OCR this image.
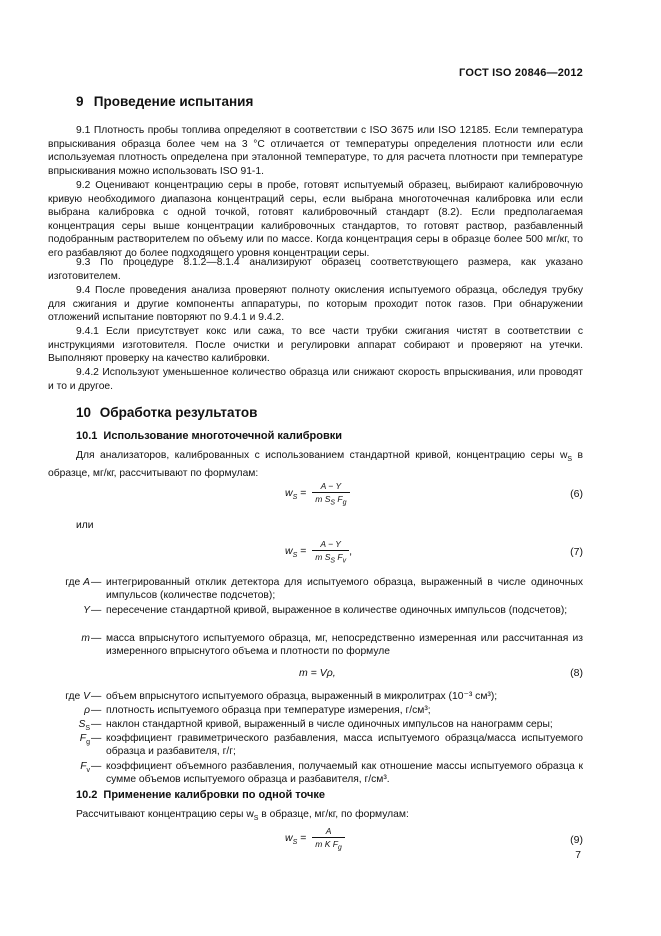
ГОСТ ISO 20846—2012
9 Проведение испытания
9.1 Плотность пробы топлива определяют в соответствии с ISO 3675 или ISO 12185. Если температура впрыскивания образца более чем на 3 °С отличается от температуры определения плотности или если используемая плотность определена при эталонной температуре, то для расчета плотности при температуре впрыскивания можно использовать ISO 91-1.
9.2 Оценивают концентрацию серы в пробе, готовят испытуемый образец, выбирают калибровочную кривую необходимого диапазона концентраций серы, если выбрана многоточечная калибровка или если выбрана калибровка с одной точкой, готовят калибровочный стандарт (8.2). Если предполагаемая концентрация серы выше концентрации калибровочных стандартов, то готовят раствор, разбавленный подобранным растворителем по объему или по массе. Когда концентрация серы в образце более 500 мг/кг, то его разбавляют до более подходящего уровня концентрации серы.
9.3 По процедуре 8.1.2—8.1.4 анализируют образец соответствующего размера, как указано изготовителем.
9.4 После проведения анализа проверяют полноту окисления испытуемого образца, обследуя трубку для сжигания и другие компоненты аппаратуры, по которым проходит поток газов. При обнаружении отложений испытание повторяют по 9.4.1 и 9.4.2.
9.4.1 Если присутствует кокс или сажа, то все части трубки сжигания чистят в соответствии с инструкциями изготовителя. После очистки и регулировки аппарат собирают и проверяют на утечки. Выполняют проверку на качество калибровки.
9.4.2 Используют уменьшенное количество образца или снижают скорость впрыскивания, или проводят и то и другое.
10 Обработка результатов
10.1 Использование многоточечной калибровки
Для анализаторов, калиброванных с использованием стандартной кривой, концентрацию серы $w_S$ в образце, мг/кг, рассчитывают по формулам:
$w_S = \frac{A - Y}{m S_S F_g}$	(6)
или
$w_S = \frac{A - Y}{m S_S F_v}$ ,	(7)
где A — интегрированный отклик детектора для испытуемого образца, выраженный в числе одиночных импульсов (количестве подсчетов);
Y — пересечение стандартной кривой, выраженное в количестве одиночных импульсов (подсчетов);
m — масса впрыснутого испытуемого образца, мг, непосредственно измеренная или рассчитанная из измеренного впрыснутого объема и плотности по формуле
m = Vρ,	(8)
где V — объем впрыснутого испытуемого образца, выраженный в микролитрах (10⁻³ см³);
ρ — плотность испытуемого образца при температуре измерения, г/см³;
$S_S$ — наклон стандартной кривой, выраженный в числе одиночных импульсов на нанограмм серы;
$F_g$ — коэффициент гравиметрического разбавления, масса испытуемого образца/масса испытуемого образца и разбавителя, г/г;
$F_v$ — коэффициент объемного разбавления, получаемый как отношение массы испытуемого образца к сумме объемов испытуемого образца и разбавителя, г/см³.
10.2 Применение калибровки по одной точке
Рассчитывают концентрацию серы $w_S$ в образце, мг/кг, по формулам:
$w_S = \frac{A}{m K F_g}$	(9)
7
